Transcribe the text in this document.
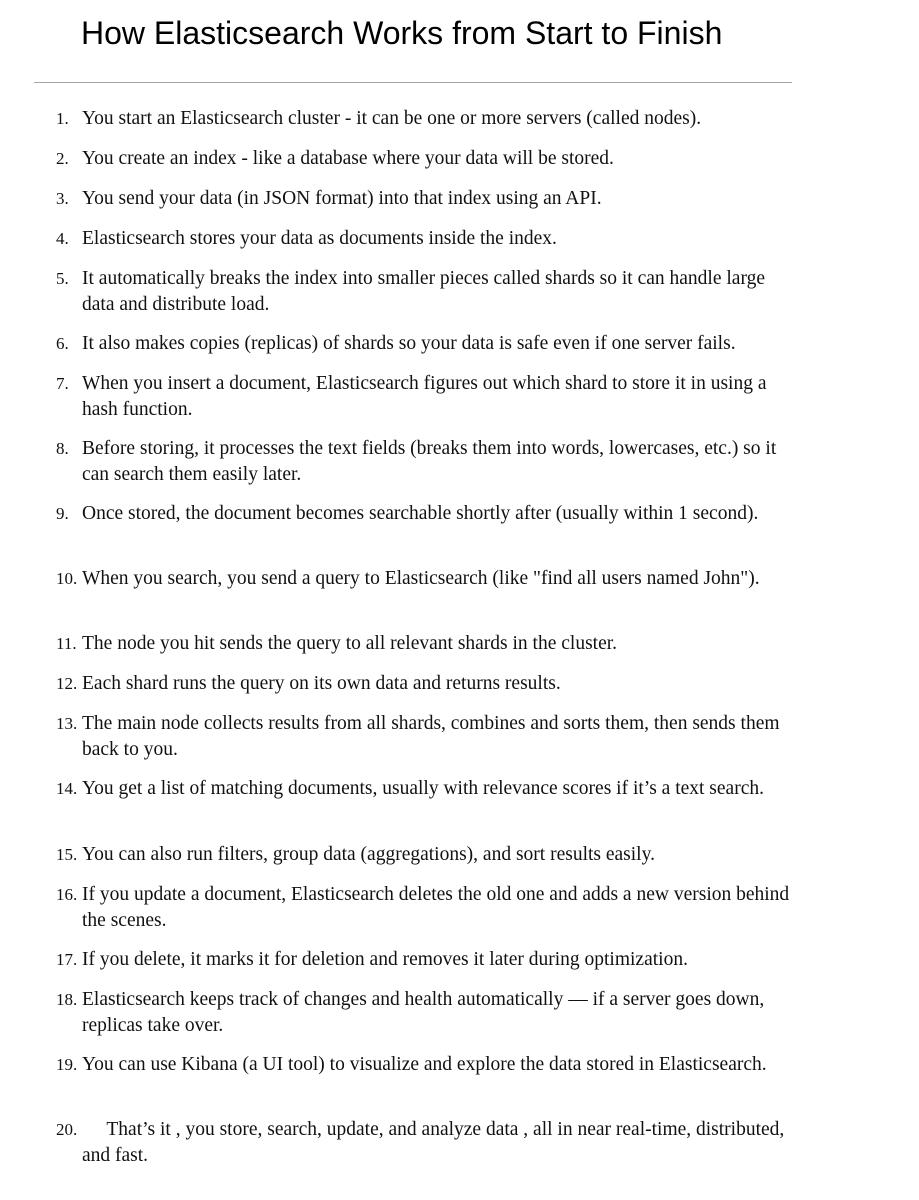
How Elasticsearch Works from Start to Finish
1. You start an Elasticsearch cluster - it can be one or more servers (called nodes).
2. You create an index - like a database where your data will be stored.
3. You send your data (in JSON format) into that index using an API.
4. Elasticsearch stores your data as documents inside the index.
5. It automatically breaks the index into smaller pieces called shards so it can handle large data and distribute load.
6. It also makes copies (replicas) of shards so your data is safe even if one server fails.
7. When you insert a document, Elasticsearch figures out which shard to store it in using a hash function.
8. Before storing, it processes the text fields (breaks them into words, lowercases, etc.) so it can search them easily later.
9. Once stored, the document becomes searchable shortly after (usually within 1 second).
10. When you search, you send a query to Elasticsearch (like "find all users named John").
11. The node you hit sends the query to all relevant shards in the cluster.
12. Each shard runs the query on its own data and returns results.
13. The main node collects results from all shards, combines and sorts them, then sends them back to you.
14. You get a list of matching documents, usually with relevance scores if it’s a text search.
15. You can also run filters, group data (aggregations), and sort results easily.
16. If you update a document, Elasticsearch deletes the old one and adds a new version behind the scenes.
17. If you delete, it marks it for deletion and removes it later during optimization.
18. Elasticsearch keeps track of changes and health automatically — if a server goes down, replicas take over.
19. You can use Kibana (a UI tool) to visualize and explore the data stored in Elasticsearch.
20. That’s it , you store, search, update, and analyze data , all in near real-time, distributed, and fast.
